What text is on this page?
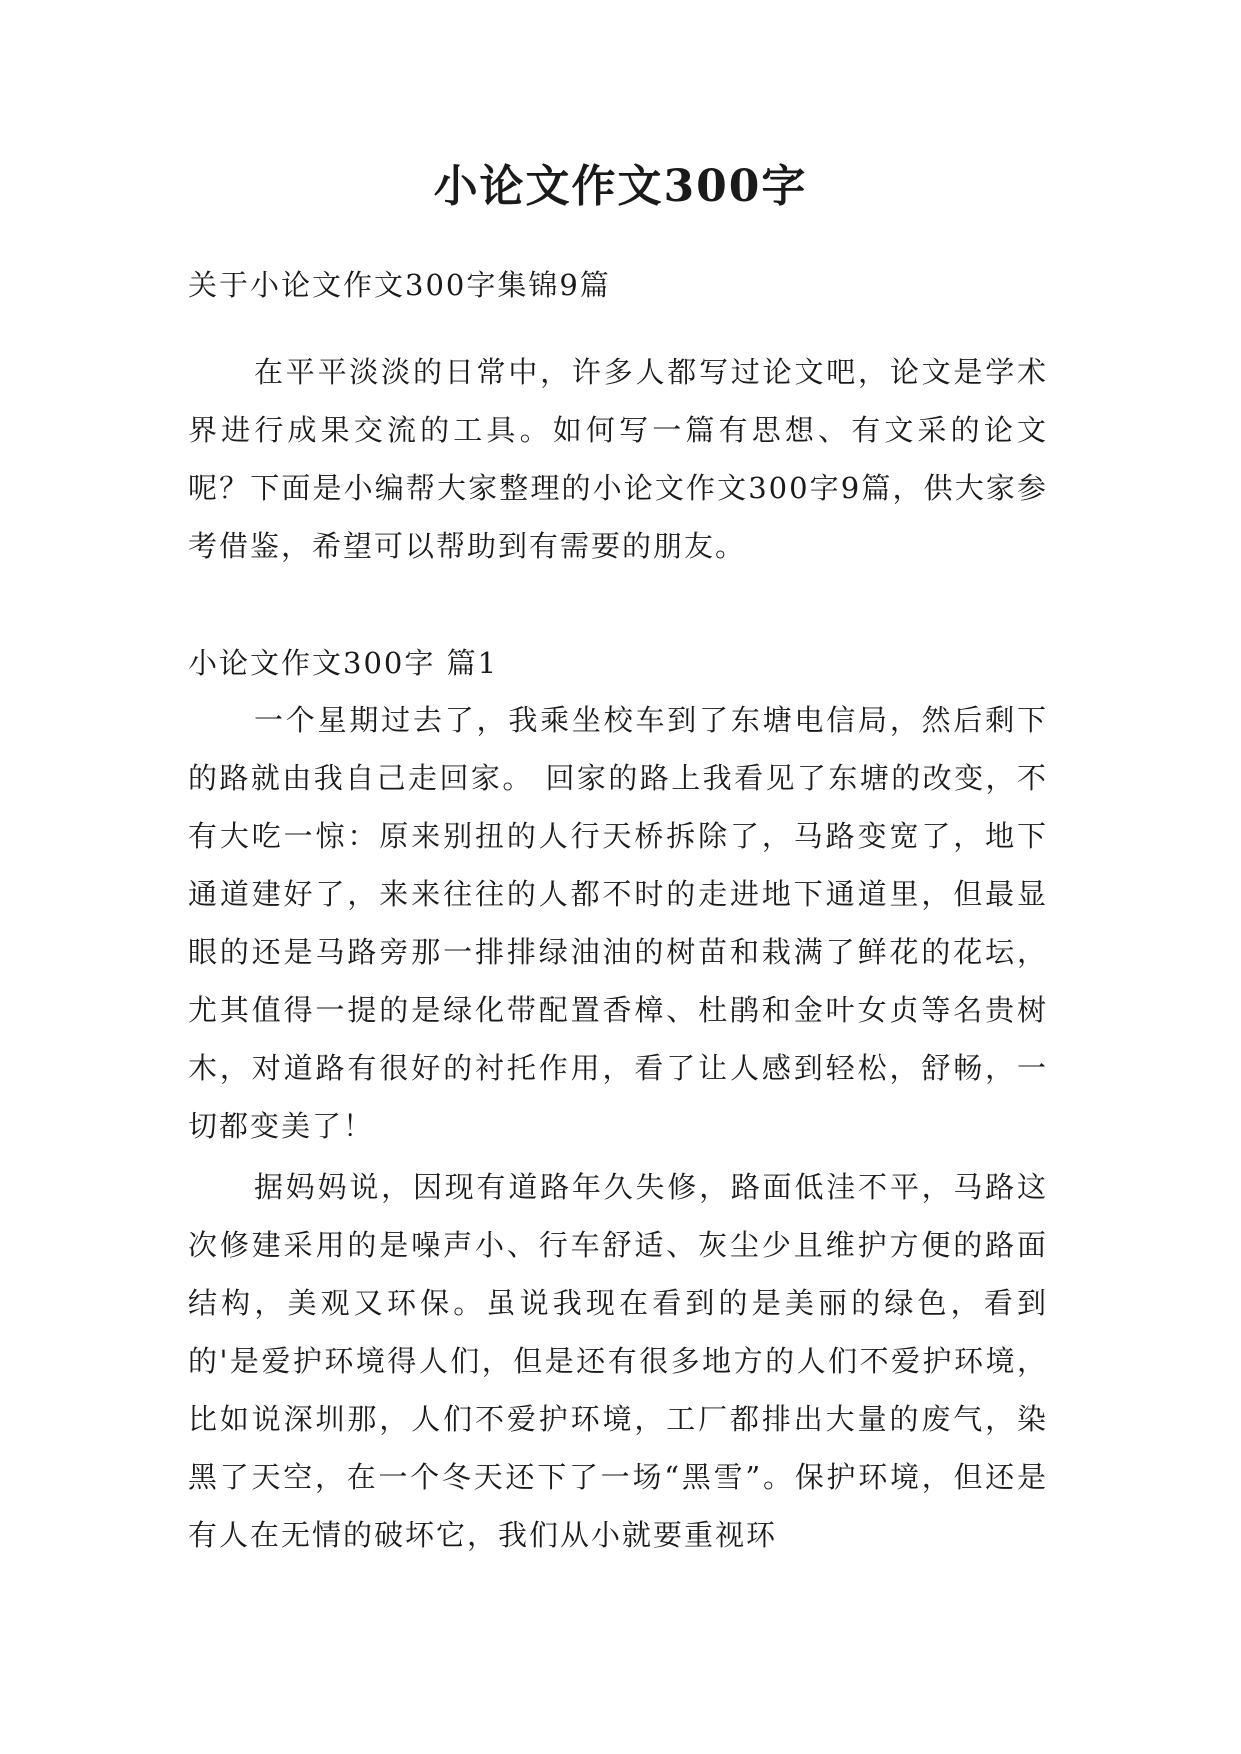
小论文作文300字

关于小论文作文300字集锦9篇

在平平淡淡的日常中，许多人都写过论文吧，论文是学术界进行成果交流的工具。如何写一篇有思想、有文采的论文呢？下面是小编帮大家整理的小论文作文300字9篇，供大家参考借鉴，希望可以帮助到有需要的朋友。

小论文作文300字 篇1

一个星期过去了，我乘坐校车到了东塘电信局，然后剩下的路就由我自己走回家。 回家的路上我看见了东塘的改变，不有大吃一惊：原来别扭的人行天桥拆除了，马路变宽了，地下通道建好了，来来往往的人都不时的走进地下通道里，但最显眼的还是马路旁那一排排绿油油的树苗和栽满了鲜花的花坛，尤其值得一提的是绿化带配置香樟、杜鹃和金叶女贞等名贵树木，对道路有很好的衬托作用，看了让人感到轻松，舒畅，一切都变美了！

据妈妈说，因现有道路年久失修，路面低洼不平，马路这次修建采用的是噪声小、行车舒适、灰尘少且维护方便的路面结构，美观又环保。虽说我现在看到的是美丽的绿色，看到的'是爱护环境得人们，但是还有很多地方的人们不爱护环境，比如说深圳那，人们不爱护环境，工厂都排出大量的废气，染黑了天空，在一个冬天还下了一场“黑雪”。保护环境，但还是有人在无情的破坏它，我们从小就要重视环
